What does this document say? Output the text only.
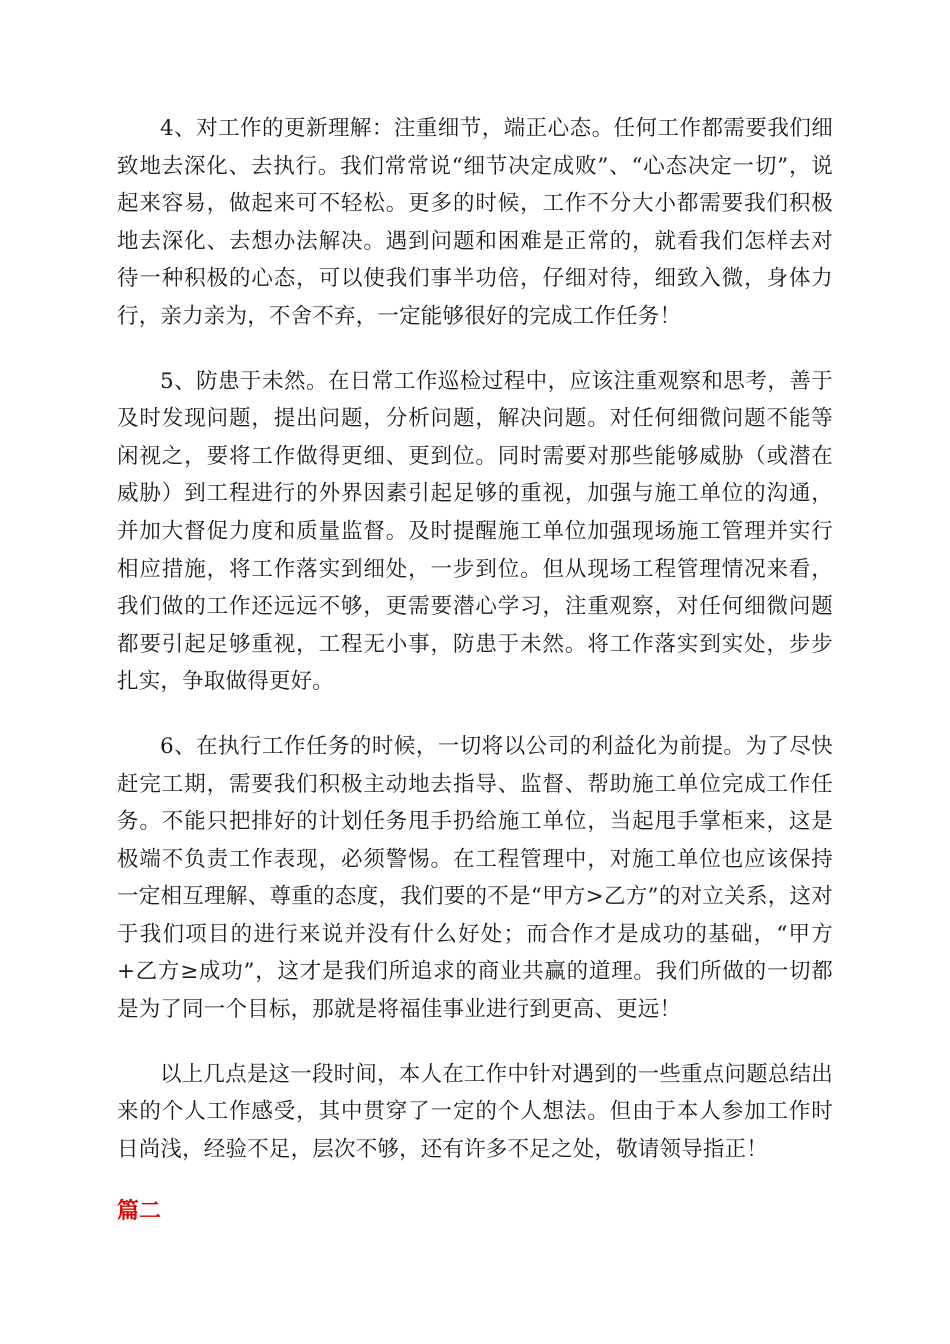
4、对工作的更新理解：注重细节，端正心态。任何工作都需要我们细致地去深化、去执行。我们常常说“细节决定成败”、“心态决定一切”，说起来容易，做起来可不轻松。更多的时候，工作不分大小都需要我们积极地去深化、去想办法解决。遇到问题和困难是正常的，就看我们怎样去对待一种积极的心态，可以使我们事半功倍，仔细对待，细致入微，身体力行，亲力亲为，不舍不弃，一定能够很好的完成工作任务！

5、防患于未然。在日常工作巡检过程中，应该注重观察和思考，善于及时发现问题，提出问题，分析问题，解决问题。对任何细微问题不能等闲视之，要将工作做得更细、更到位。同时需要对那些能够威胁（或潜在威胁）到工程进行的外界因素引起足够的重视，加强与施工单位的沟通，并加大督促力度和质量监督。及时提醒施工单位加强现场施工管理并实行相应措施，将工作落实到细处，一步到位。但从现场工程管理情况来看，我们做的工作还远远不够，更需要潜心学习，注重观察，对任何细微问题都要引起足够重视，工程无小事，防患于未然。将工作落实到实处，步步扎实，争取做得更好。

6、在执行工作任务的时候，一切将以公司的利益化为前提。为了尽快赶完工期，需要我们积极主动地去指导、监督、帮助施工单位完成工作任务。不能只把排好的计划任务甩手扔给施工单位，当起甩手掌柜来，这是极端不负责工作表现，必须警惕。在工程管理中，对施工单位也应该保持一定相互理解、尊重的态度，我们要的不是“甲方>乙方”的对立关系，这对于我们项目的进行来说并没有什么好处；而合作才是成功的基础，“甲方+乙方≥成功”，这才是我们所追求的商业共赢的道理。我们所做的一切都是为了同一个目标，那就是将福佳事业进行到更高、更远！

以上几点是这一段时间，本人在工作中针对遇到的一些重点问题总结出来的个人工作感受，其中贯穿了一定的个人想法。但由于本人参加工作时日尚浅，经验不足，层次不够，还有许多不足之处，敬请领导指正！

篇二
